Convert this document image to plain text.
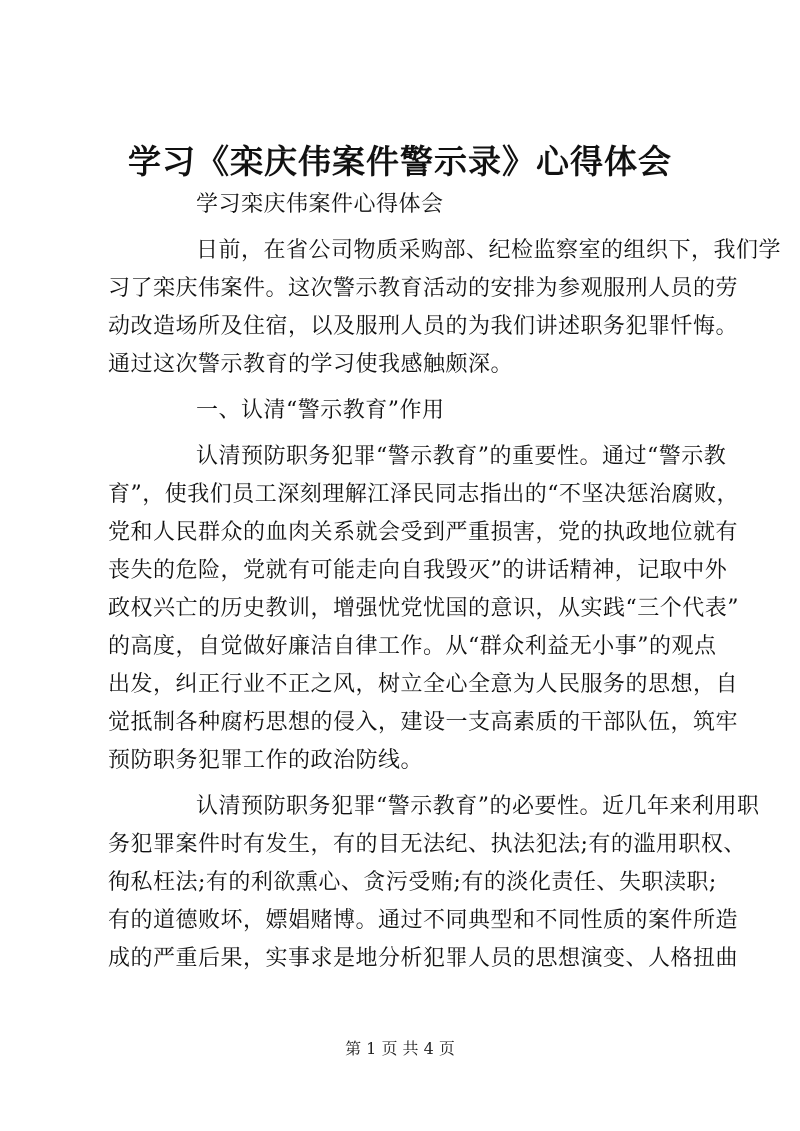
学习《栾庆伟案件警示录》心得体会
学习栾庆伟案件心得体会
日前，在省公司物质采购部、纪检监察室的组织下，我们学
习了栾庆伟案件。这次警示教育活动的安排为参观服刑人员的劳
动改造场所及住宿，以及服刑人员的为我们讲述职务犯罪忏悔。
通过这次警示教育的学习使我感触颇深。
一、认清“警示教育”作用
认清预防职务犯罪“警示教育”的重要性。通过“警示教
育”，使我们员工深刻理解江泽民同志指出的“不坚决惩治腐败，
党和人民群众的血肉关系就会受到严重损害，党的执政地位就有
丧失的危险，党就有可能走向自我毁灭”的讲话精神，记取中外
政权兴亡的历史教训，增强忧党忧国的意识，从实践“三个代表”
的高度，自觉做好廉洁自律工作。从“群众利益无小事”的观点
出发，纠正行业不正之风，树立全心全意为人民服务的思想，自
觉抵制各种腐朽思想的侵入，建设一支高素质的干部队伍，筑牢
预防职务犯罪工作的政治防线。
认清预防职务犯罪“警示教育”的必要性。近几年来利用职
务犯罪案件时有发生，有的目无法纪、执法犯法;有的滥用职权、
徇私枉法;有的利欲熏心、贪污受贿;有的淡化责任、失职渎职;
有的道德败坏，嫖娼赌博。通过不同典型和不同性质的案件所造
成的严重后果，实事求是地分析犯罪人员的思想演变、人格扭曲
第 1 页 共 4 页
